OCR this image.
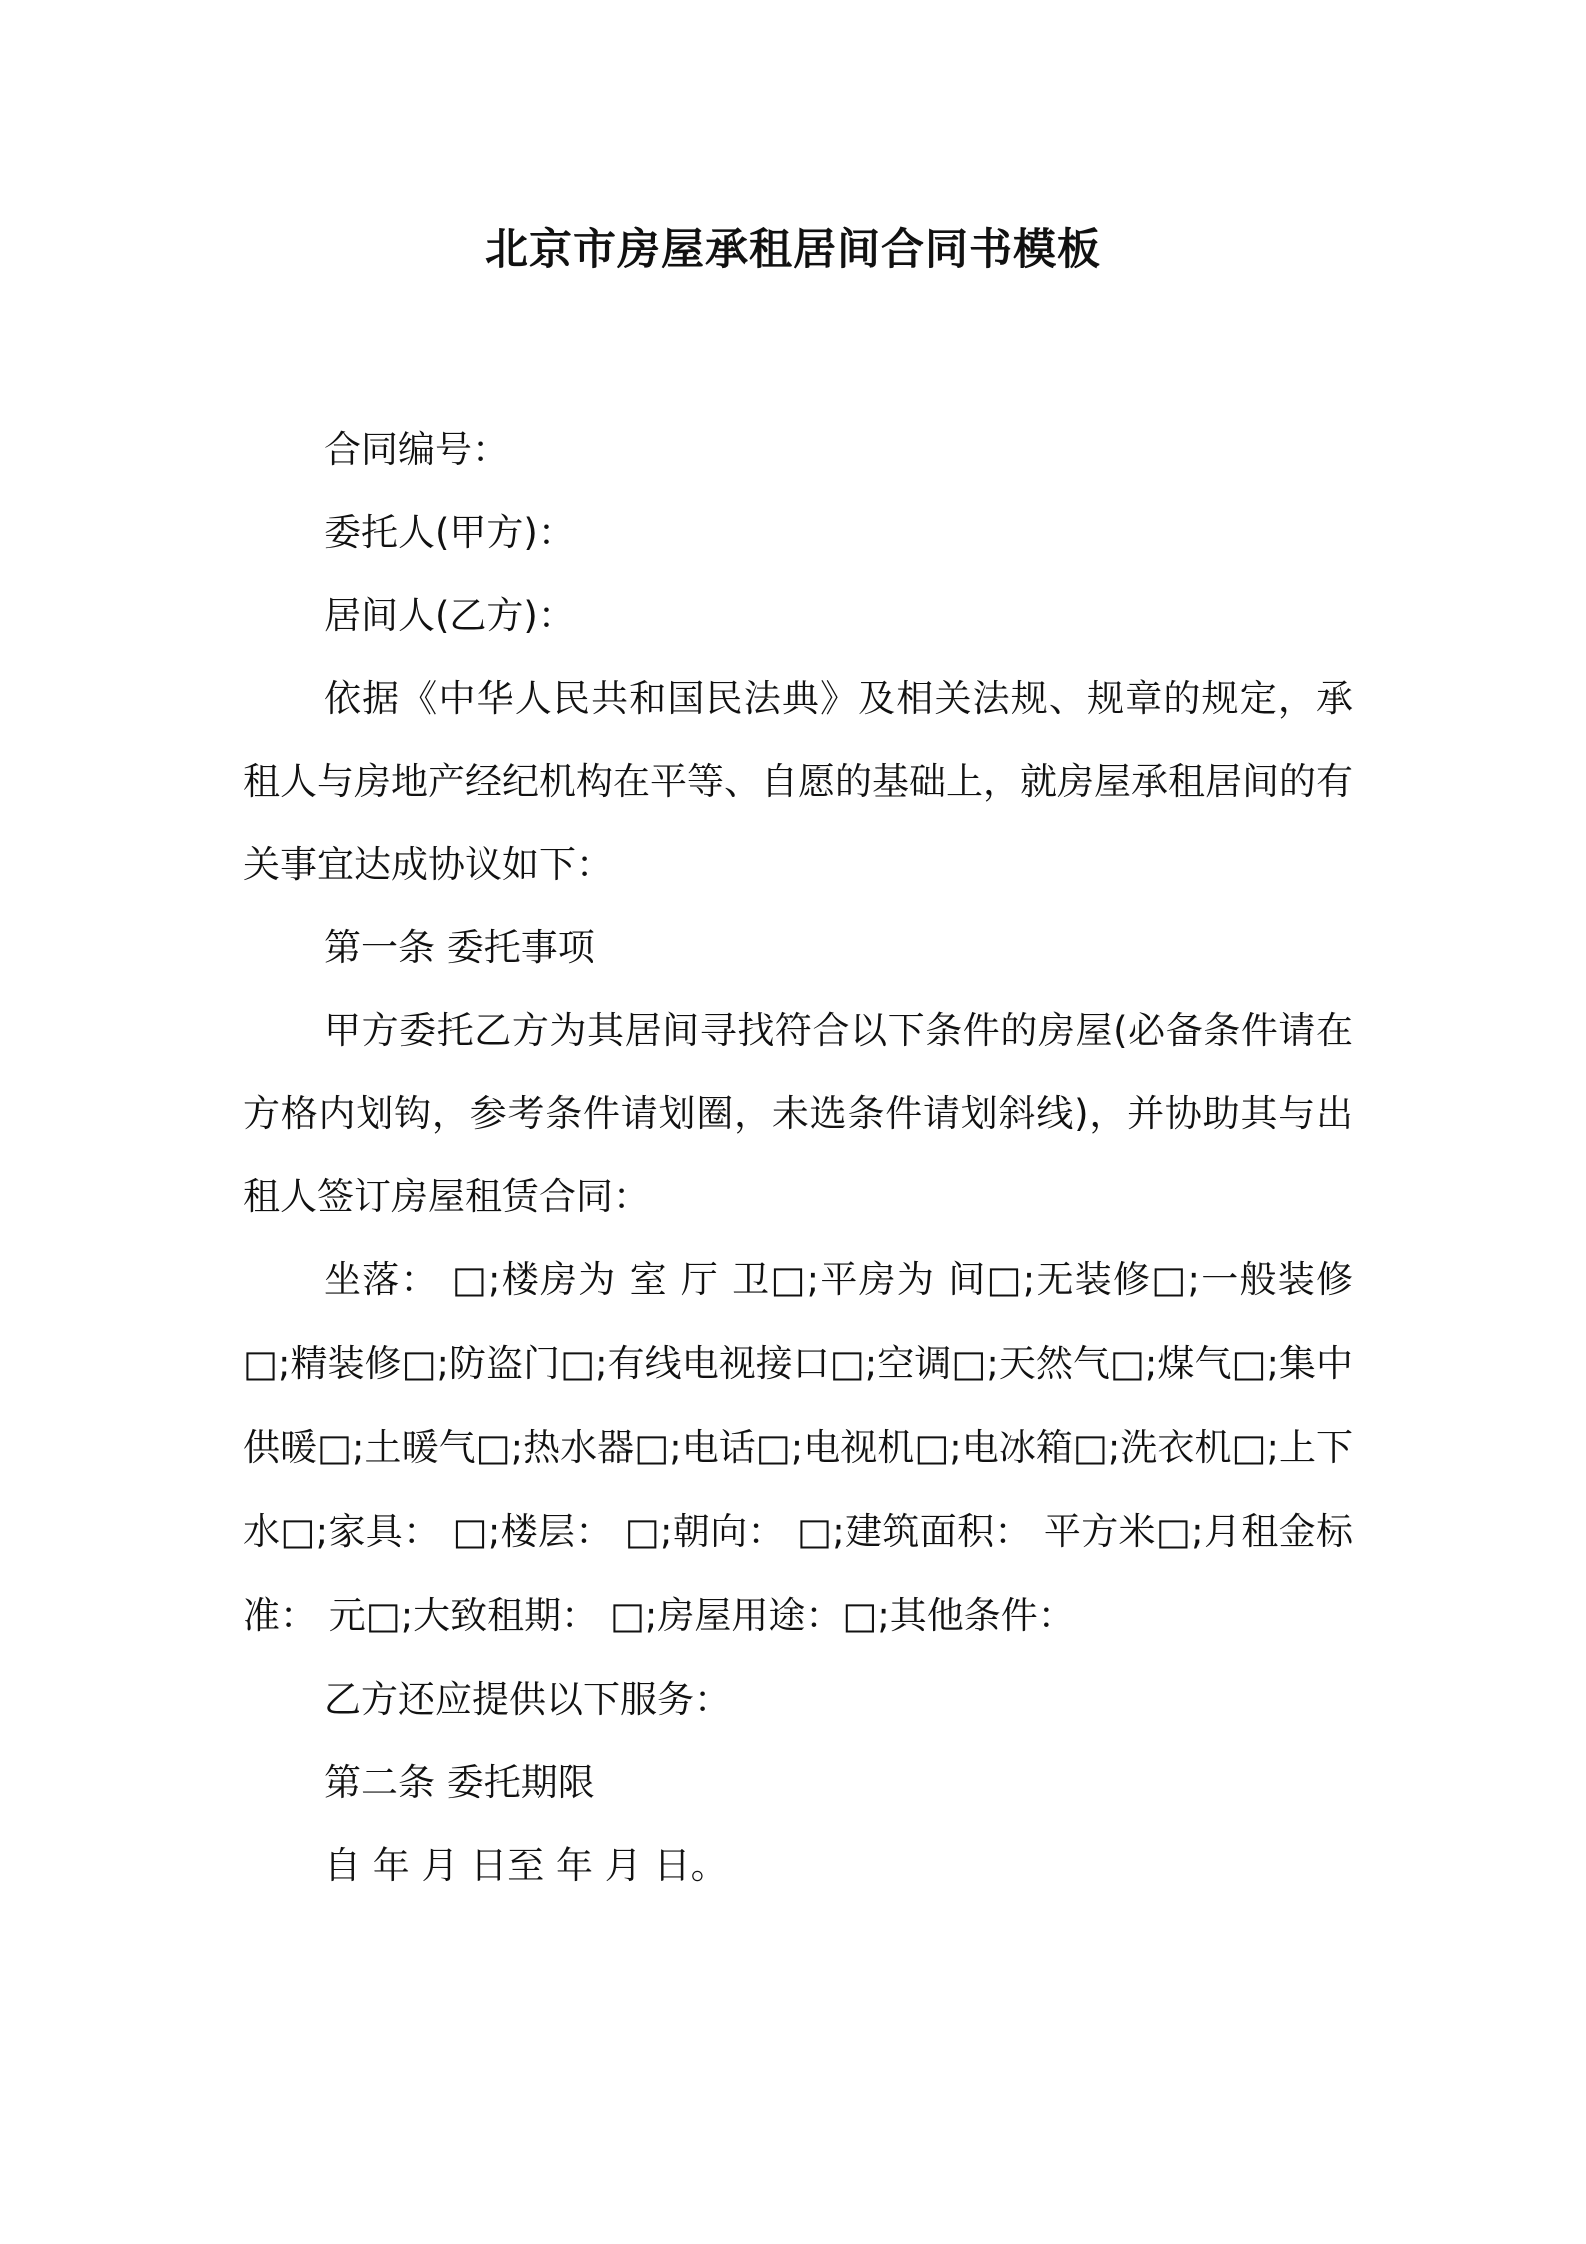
北京市房屋承租居间合同书模板

合同编号：

委托人(甲方)：

居间人(乙方)：

依据《中华人民共和国民法典》及相关法规、规章的规定，承租人与房地产经纪机构在平等、自愿的基础上，就房屋承租居间的有关事宜达成协议如下：

第一条 委托事项

甲方委托乙方为其居间寻找符合以下条件的房屋(必备条件请在方格内划钩，参考条件请划圈，未选条件请划斜线)，并协助其与出租人签订房屋租赁合同：

坐落： □;楼房为 室 厅 卫□;平房为 间□;无装修□;一般装修□;精装修□;防盗门□;有线电视接口□;空调□;天然气□;煤气□;集中供暖□;土暖气□;热水器□;电话□;电视机□;电冰箱□;洗衣机□;上下水□;家具： □;楼层： □;朝向： □;建筑面积： 平方米□;月租金标准： 元□;大致租期： □;房屋用途：□;其他条件：

乙方还应提供以下服务：

第二条 委托期限

自 年 月 日至 年 月 日。
